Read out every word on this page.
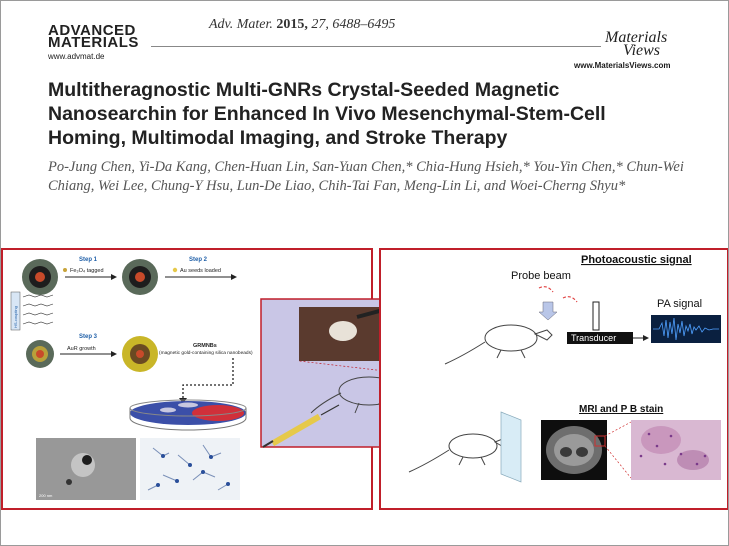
ADVANCED
MATERIALS
www.advmat.de
Adv. Mater. 2015, 27, 6488–6495
Materials
Views
www.MaterialsViews.com
Multitheragnostic Multi-GNRs Crystal-Seeded Magnetic Nanosearchin for Enhanced In Vivo Mesenchymal-Stem-Cell Homing, Multimodal Imaging, and Stroke Therapy

Po-Jung Chen, Yi-Da Kang, Chen-Huan Lin, San-Yuan Chen,* Chia-Hung Hsieh,* You-Yin Chen,* Chun-Wei Chiang, Wei Lee, Chung-Y Hsu, Lun-De Liao, Chih-Tai Fan, Meng-Lin Li, and Woei-Cherng Shyu*

Step 1
Fe₃O₄ tagged
Step 2
Au seeds loaded
HS-coupling
Step 3
AuR growth	GRMNBs
(magnetic gold-containing silica nanobeads)
200 nm
Photoacoustic signal
Probe beam
Transducer
PA signal
MRI and P B stain
